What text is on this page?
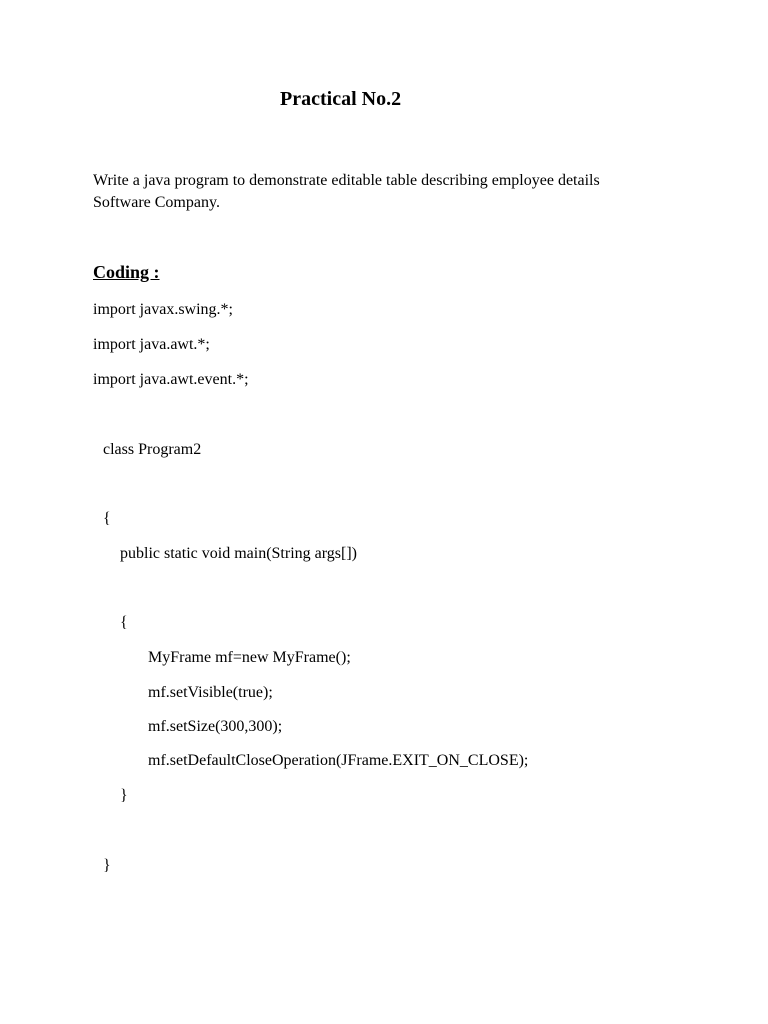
Practical No.2
Write a java program to demonstrate editable table describing employee details
Software Company.
Coding :
import javax.swing.*;
import java.awt.*;
import java.awt.event.*;
class Program2
{
public static void main(String args[])
{
MyFrame mf=new MyFrame();
mf.setVisible(true);
mf.setSize(300,300);
mf.setDefaultCloseOperation(JFrame.EXIT_ON_CLOSE);
}
}
